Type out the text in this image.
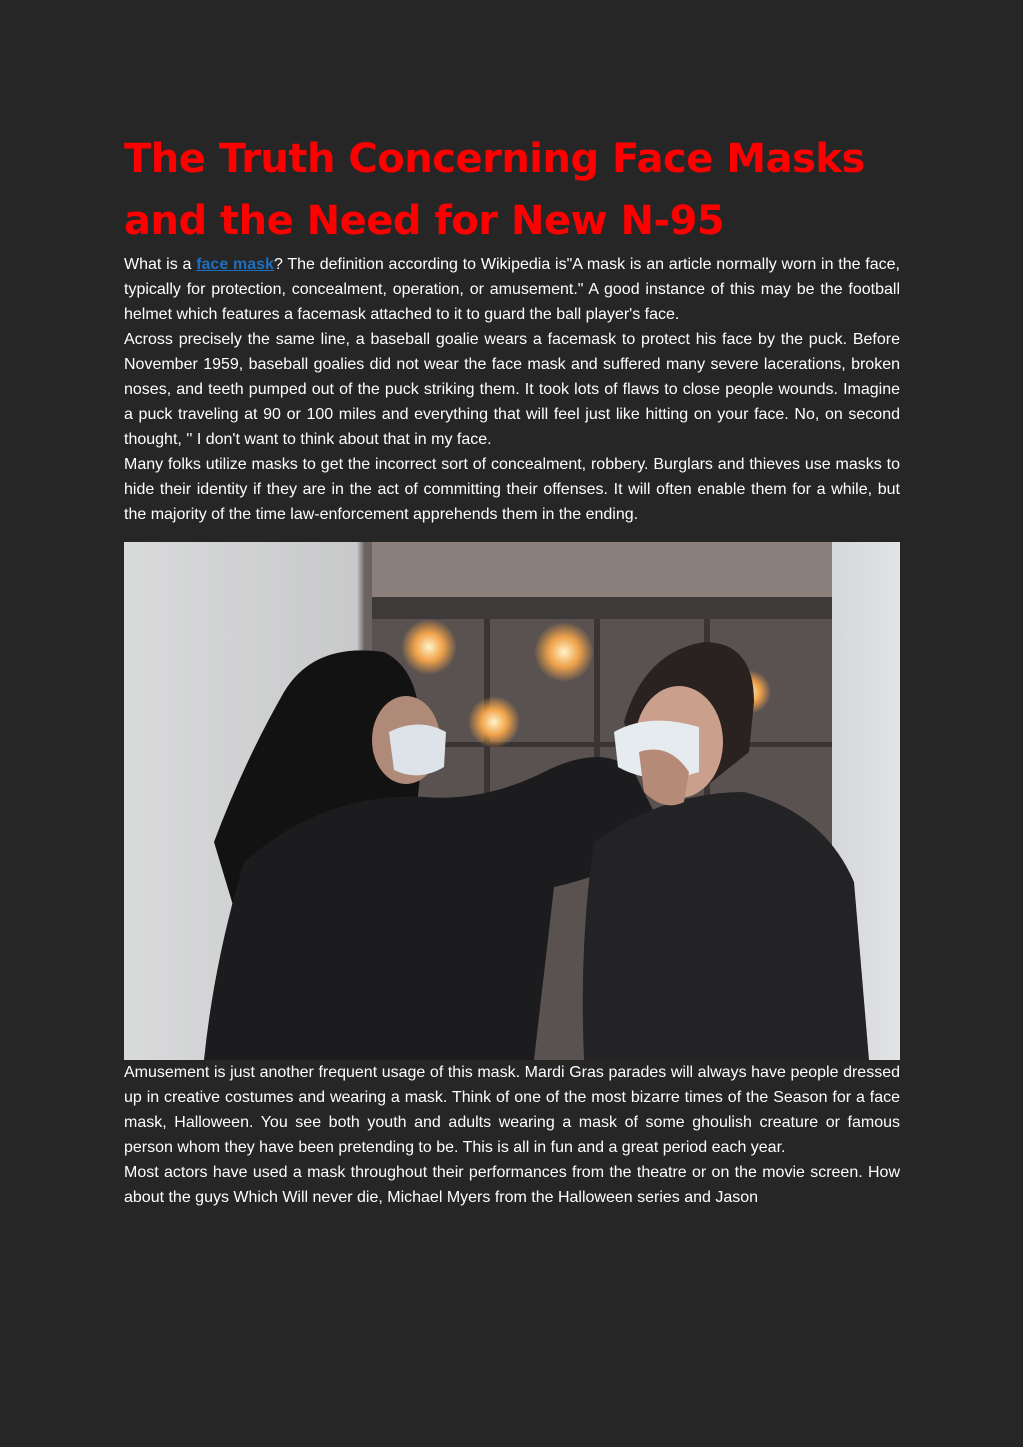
The Truth Concerning Face Masks and the Need for New N-95

What is a face mask? The definition according to Wikipedia is"A mask is an article normally worn in the face, typically for protection, concealment, operation, or amusement." A good instance of this may be the football helmet which features a facemask attached to it to guard the ball player's face.

Across precisely the same line, a baseball goalie wears a facemask to protect his face by the puck. Before November 1959, baseball goalies did not wear the face mask and suffered many severe lacerations, broken noses, and teeth pumped out of the puck striking them. It took lots of flaws to close people wounds. Imagine a puck traveling at 90 or 100 miles and everything that will feel just like hitting on your face. No, on second thought, '' I don't want to think about that in my face.

Many folks utilize masks to get the incorrect sort of concealment, robbery. Burglars and thieves use masks to hide their identity if they are in the act of committing their offenses. It will often enable them for a while, but the majority of the time law-enforcement apprehends them in the ending.

Amusement is just another frequent usage of this mask. Mardi Gras parades will always have people dressed up in creative costumes and wearing a mask. Think of one of the most bizarre times of the Season for a face mask, Halloween. You see both youth and adults wearing a mask of some ghoulish creature or famous person whom they have been pretending to be. This is all in fun and a great period each year.

Most actors have used a mask throughout their performances from the theatre or on the movie screen. How about the guys Which Will never die, Michael Myers from the Halloween series and Jason
